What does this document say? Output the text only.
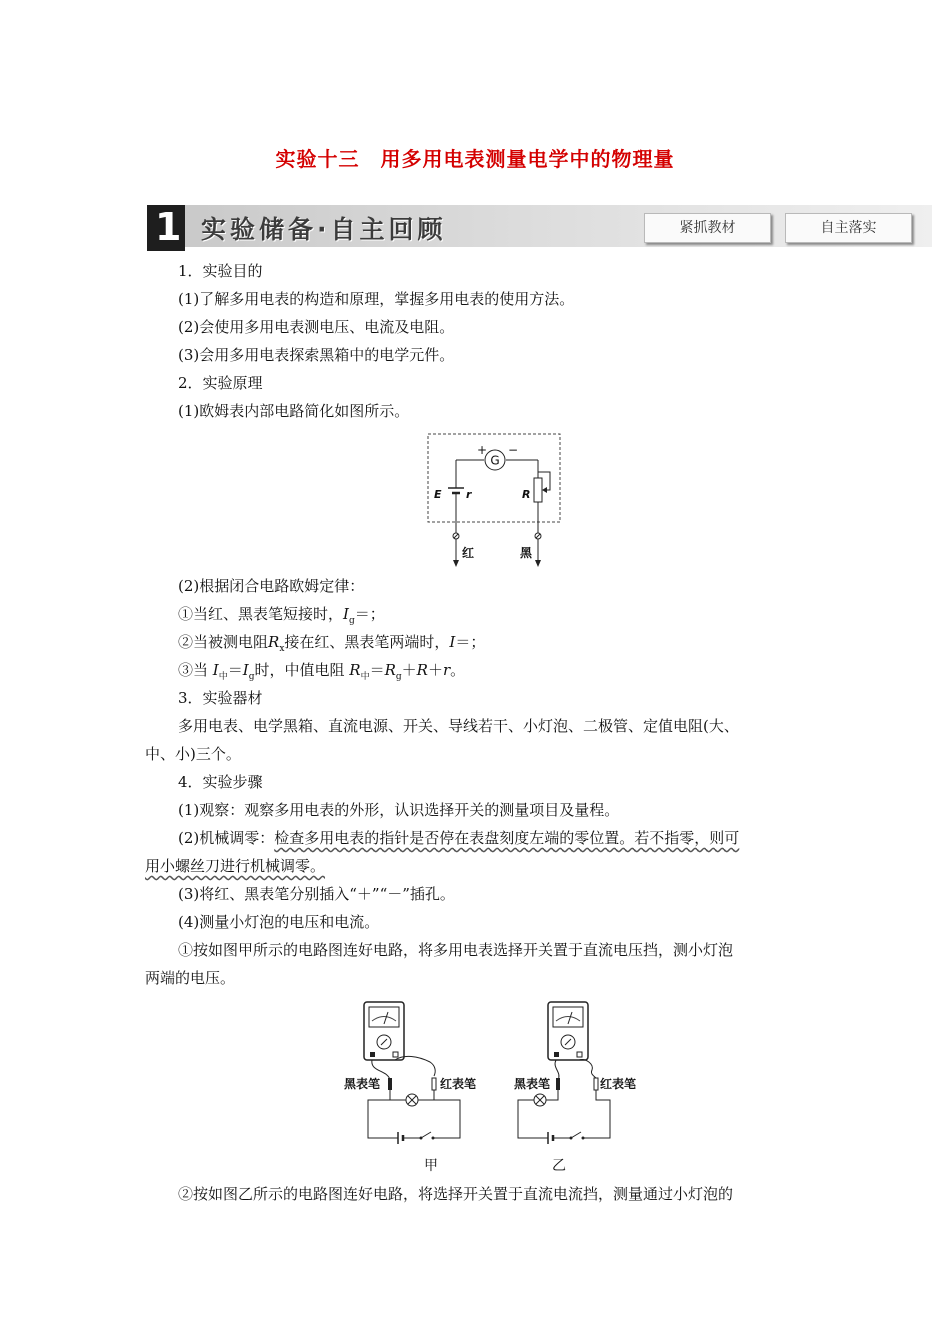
实验十三　用多用电表测量电学中的物理量
1 实验储备·自主回顾	紧抓教材	自主落实
1．实验目的
(1)了解多用电表的构造和原理，掌握多用电表的使用方法。
(2)会使用多用电表测电压、电流及电阻。
(3)会用多用电表探索黑箱中的电学元件。
2．实验原理
(1)欧姆表内部电路简化如图所示。
G
+ −
E r	R
红	黑
(2)根据闭合电路欧姆定律：
①当红、黑表笔短接时，$I_g=$；
②当被测电阻$R_x$接在红、黑表笔两端时，I＝；
③当 $I_中=I_g$时，中值电阻 $R_中=R_g+R+r$。
3．实验器材
多用电表、电学黑箱、直流电源、开关、导线若干、小灯泡、二极管、定值电阻(大、
中、小)三个。
4．实验步骤
(1)观察：观察多用电表的外形，认识选择开关的测量项目及量程。
(2)机械调零：检查多用电表的指针是否停在表盘刻度左端的零位置。若不指零，则可
用小螺丝刀进行机械调零。
(3)将红、黑表笔分别插入“＋”“－”插孔。
(4)测量小灯泡的电压和电流。
①按如图甲所示的电路图连好电路，将多用电表选择开关置于直流电压挡，测小灯泡
两端的电压。
黑表笔	红表笔
甲
黑表笔	红表笔
乙
②按如图乙所示的电路图连好电路，将选择开关置于直流电流挡，测量通过小灯泡的
